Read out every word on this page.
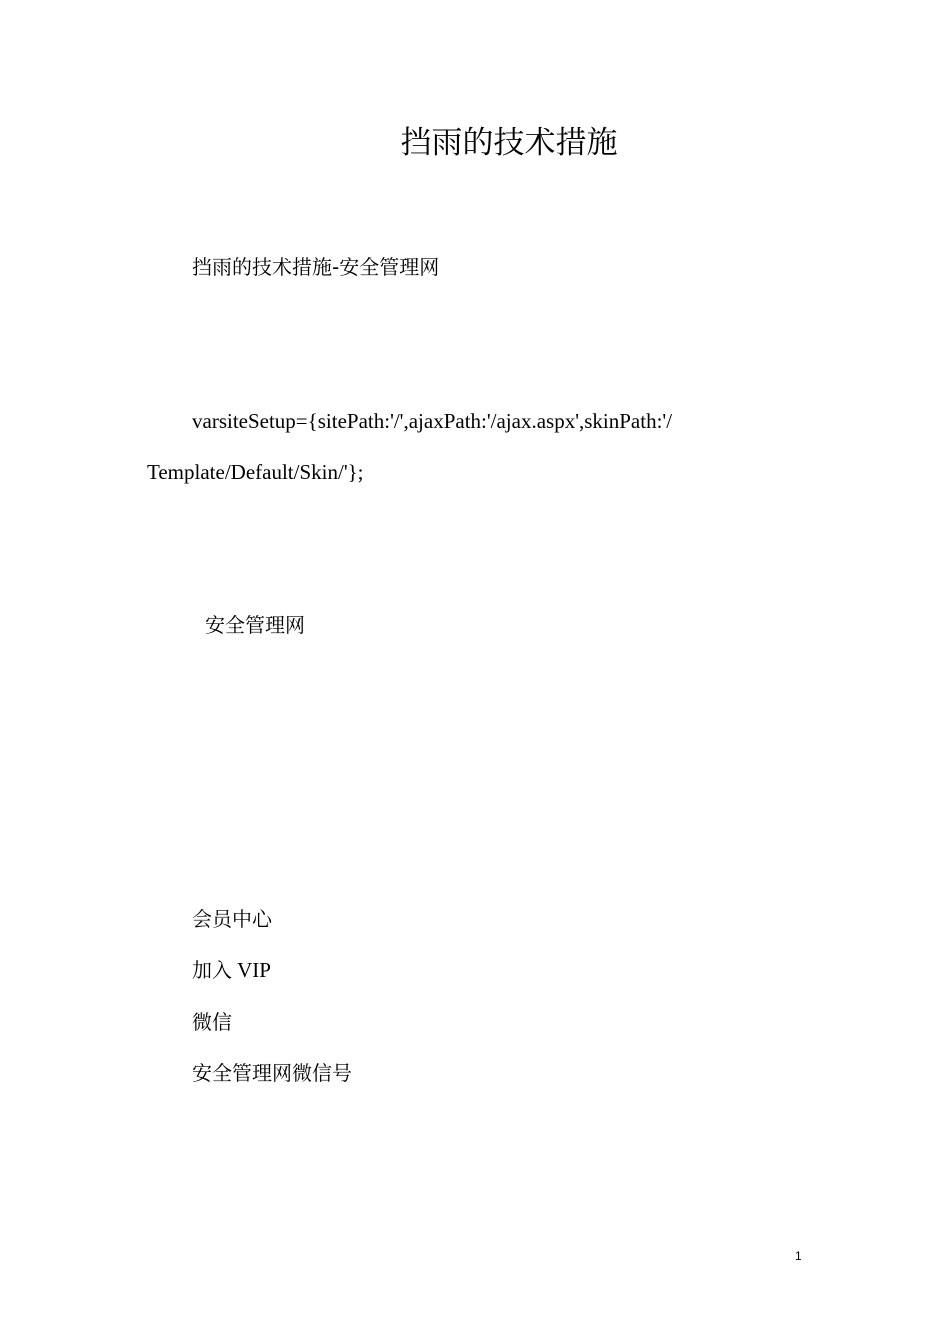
挡雨的技术措施
挡雨的技术措施-安全管理网
varsiteSetup={sitePath:'/',ajaxPath:'/ajax.aspx',skinPath:'/
Template/Default/Skin/'};
安全管理网
会员中心
加入 VIP
微信
安全管理网微信号
1
